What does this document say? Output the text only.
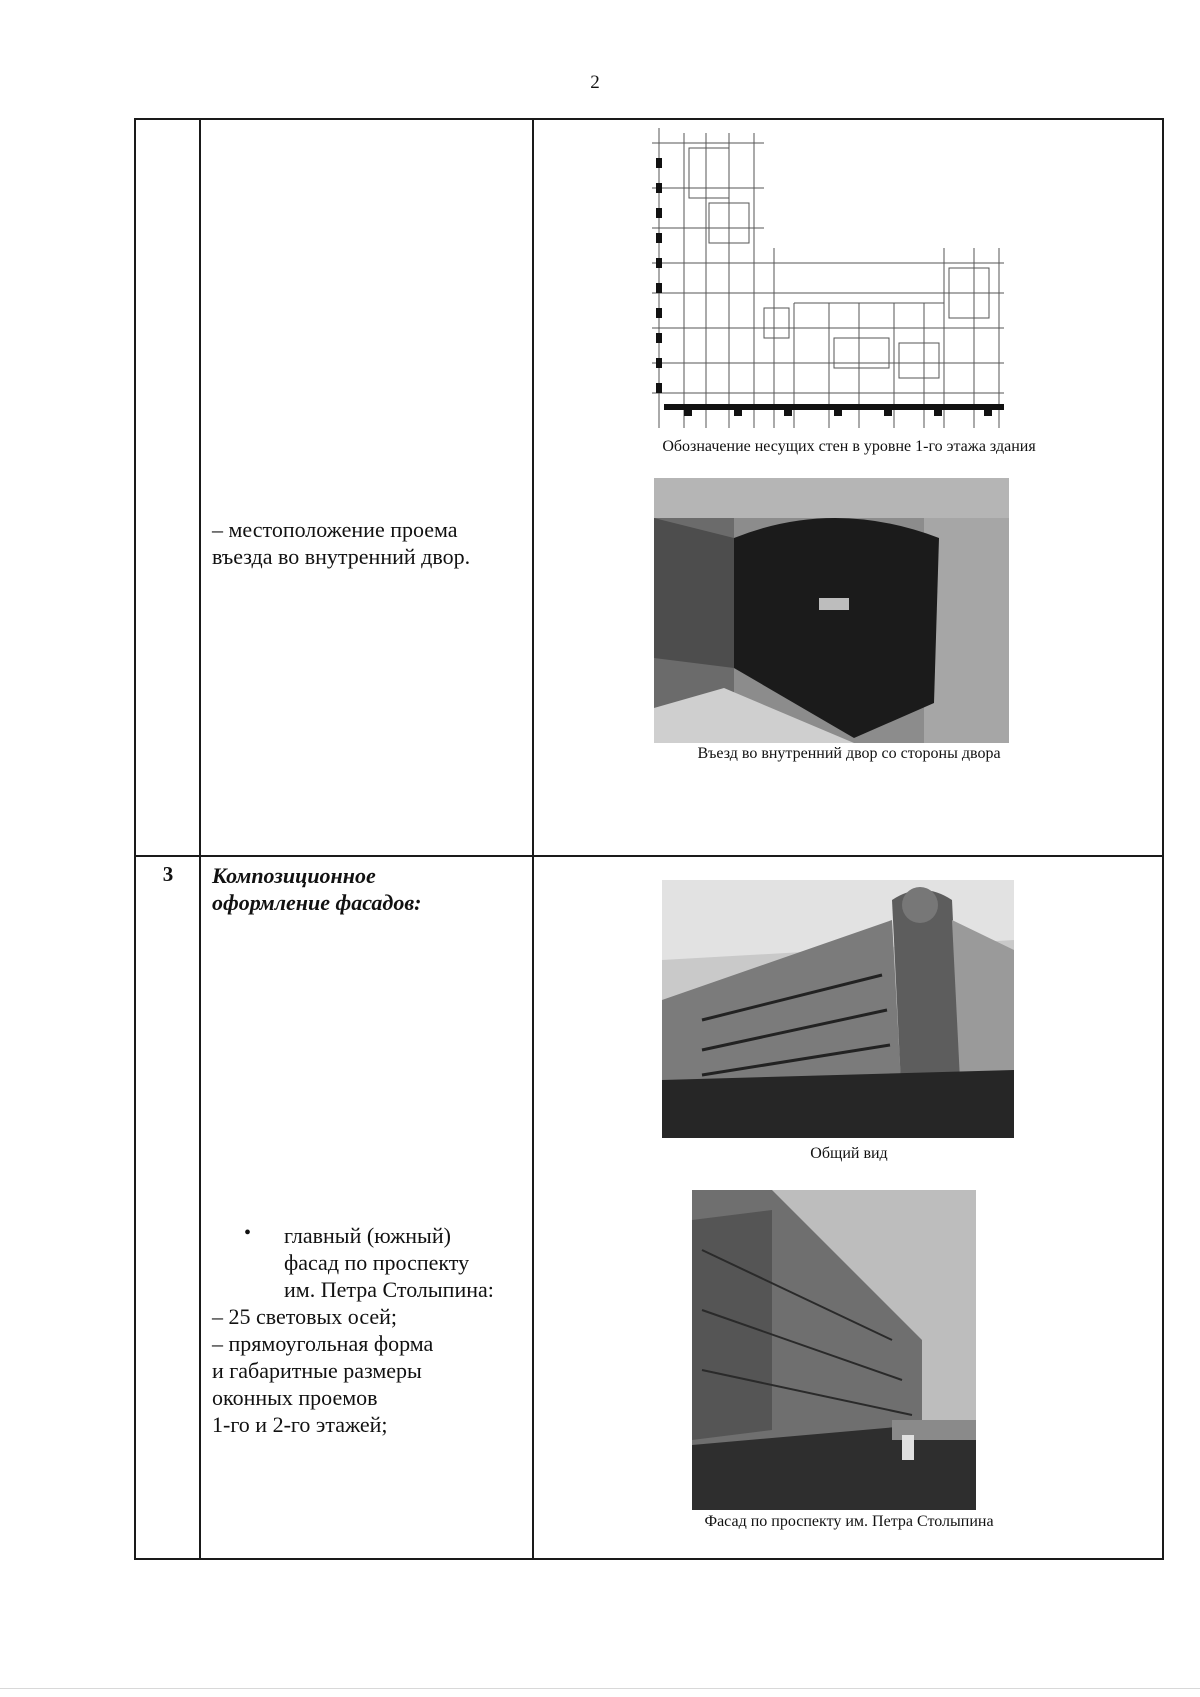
2
– местоположение проема
въезда во внутренний двор.
Обозначение несущих стен в уровне 1-го этажа здания
Въезд во внутренний двор со стороны двора
3	Композиционное
оформление фасадов:
• главный (южный)
фасад по проспекту
им. Петра Столыпина:
– 25 световых осей;
– прямоугольная форма
и габаритные размеры
оконных проемов
1-го и 2-го этажей;
Общий вид
Фасад по проспекту им. Петра Столыпина
